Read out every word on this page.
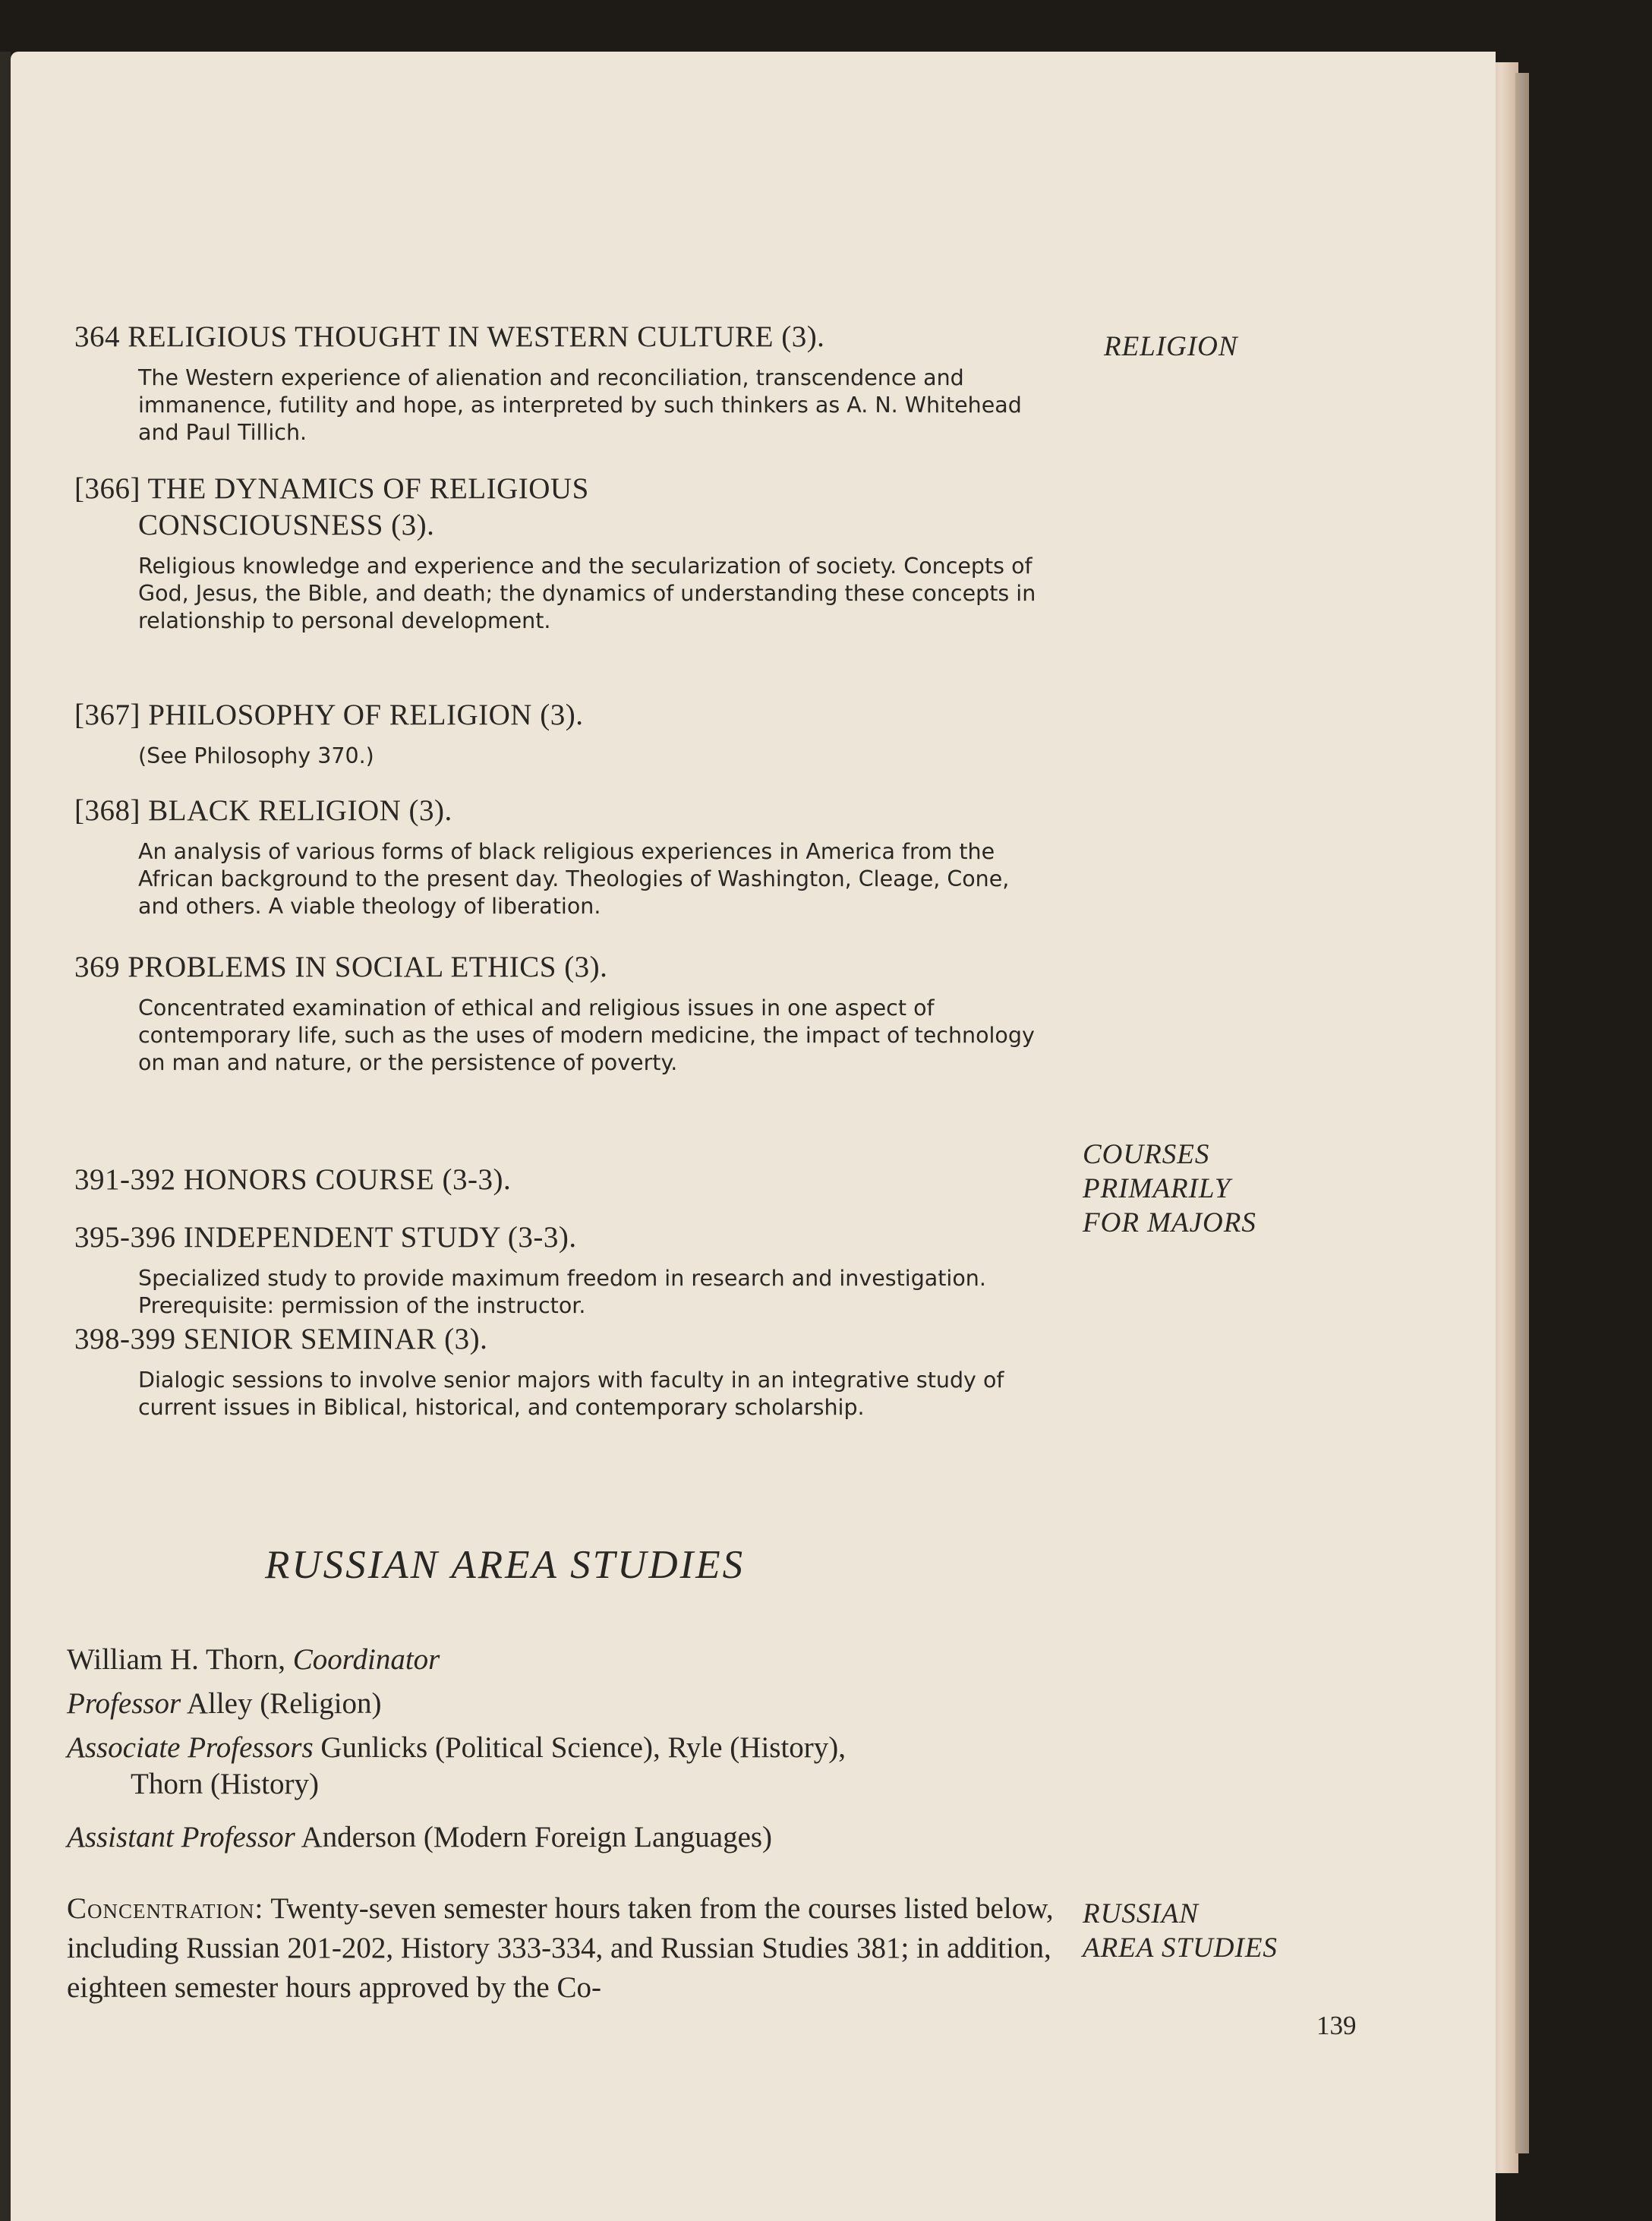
364 RELIGIOUS THOUGHT IN WESTERN CULTURE (3).
The Western experience of alienation and reconciliation, transcendence and immanence, futility and hope, as interpreted by such thinkers as A. N. Whitehead and Paul Tillich.
[366] THE DYNAMICS OF RELIGIOUS
CONSCIOUSNESS (3).
Religious knowledge and experience and the secularization of society. Concepts of God, Jesus, the Bible, and death; the dynamics of understanding these concepts in relationship to personal development.
[367] PHILOSOPHY OF RELIGION (3).
(See Philosophy 370.)
[368] BLACK RELIGION (3).
An analysis of various forms of black religious experiences in America from the African background to the present day. Theologies of Washington, Cleage, Cone, and others. A viable theology of liberation.
369 PROBLEMS IN SOCIAL ETHICS (3).
Concentrated examination of ethical and religious issues in one aspect of contemporary life, such as the uses of modern medicine, the impact of technology on man and nature, or the persistence of poverty.
391-392 HONORS COURSE (3-3).
395-396 INDEPENDENT STUDY (3-3).
Specialized study to provide maximum freedom in research and investigation. Prerequisite: permission of the instructor.
398-399 SENIOR SEMINAR (3).
Dialogic sessions to involve senior majors with faculty in an integrative study of current issues in Biblical, historical, and contemporary scholarship.
RELIGION
COURSES
PRIMARILY
FOR MAJORS
RUSSIAN AREA STUDIES
William H. Thorn, Coordinator
Professor Alley (Religion)
Associate Professors Gunlicks (Political Science), Ryle (History),
Thorn (History)
Assistant Professor Anderson (Modern Foreign Languages)
Concentration: Twenty-seven semester hours taken from the courses listed below, including Russian 201-202, History 333-334, and Russian Studies 381; in addition, eighteen semester hours approved by the Co-
RUSSIAN
AREA STUDIES
139
